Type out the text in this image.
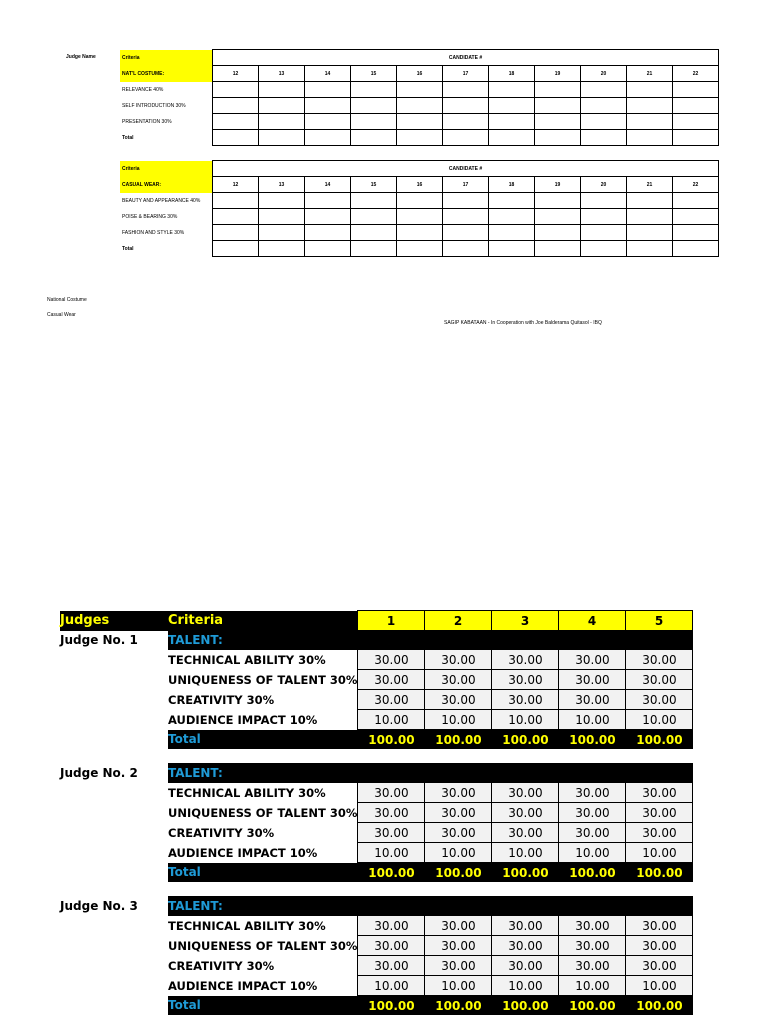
Judge Name	Criteria	CANDIDATE #										
NAT'L COSTUME:	12	13	14	15	16	17	18	19	20	21	22
RELEVANCE 40%											
SELF INTRODUCTION 30%											
PRESENTATION 30%											
Total											
Criteria	CANDIDATE #										
CASUAL WEAR:	12	13	14	15	16	17	18	19	20	21	22
BEAUTY AND APPEARANCE 40%											
POISE & BEARING 30%											
FASHION AND STYLE 30%											
Total											
National Costume
Casual Wear
SAGIP KABATAAN - In Cooperation with Joe Balderama Quitasol - IBQ
Judges	Criteria	1	2	3	4	5
Judge No. 1	TALENT:					
	TECHNICAL ABILITY 30%	30.00	30.00	30.00	30.00	30.00
	UNIQUENESS OF TALENT 30%	30.00	30.00	30.00	30.00	30.00
	CREATIVITY 30%	30.00	30.00	30.00	30.00	30.00
	AUDIENCE IMPACT 10%	10.00	10.00	10.00	10.00	10.00
	Total	100.00	100.00	100.00	100.00	100.00
Judge No. 2	TALENT:					
	TECHNICAL ABILITY 30%	30.00	30.00	30.00	30.00	30.00
	UNIQUENESS OF TALENT 30%	30.00	30.00	30.00	30.00	30.00
	CREATIVITY 30%	30.00	30.00	30.00	30.00	30.00
	AUDIENCE IMPACT 10%	10.00	10.00	10.00	10.00	10.00
	Total	100.00	100.00	100.00	100.00	100.00
Judge No. 3	TALENT:					
	TECHNICAL ABILITY 30%	30.00	30.00	30.00	30.00	30.00
	UNIQUENESS OF TALENT 30%	30.00	30.00	30.00	30.00	30.00
	CREATIVITY 30%	30.00	30.00	30.00	30.00	30.00
	AUDIENCE IMPACT 10%	10.00	10.00	10.00	10.00	10.00
	Total	100.00	100.00	100.00	100.00	100.00
